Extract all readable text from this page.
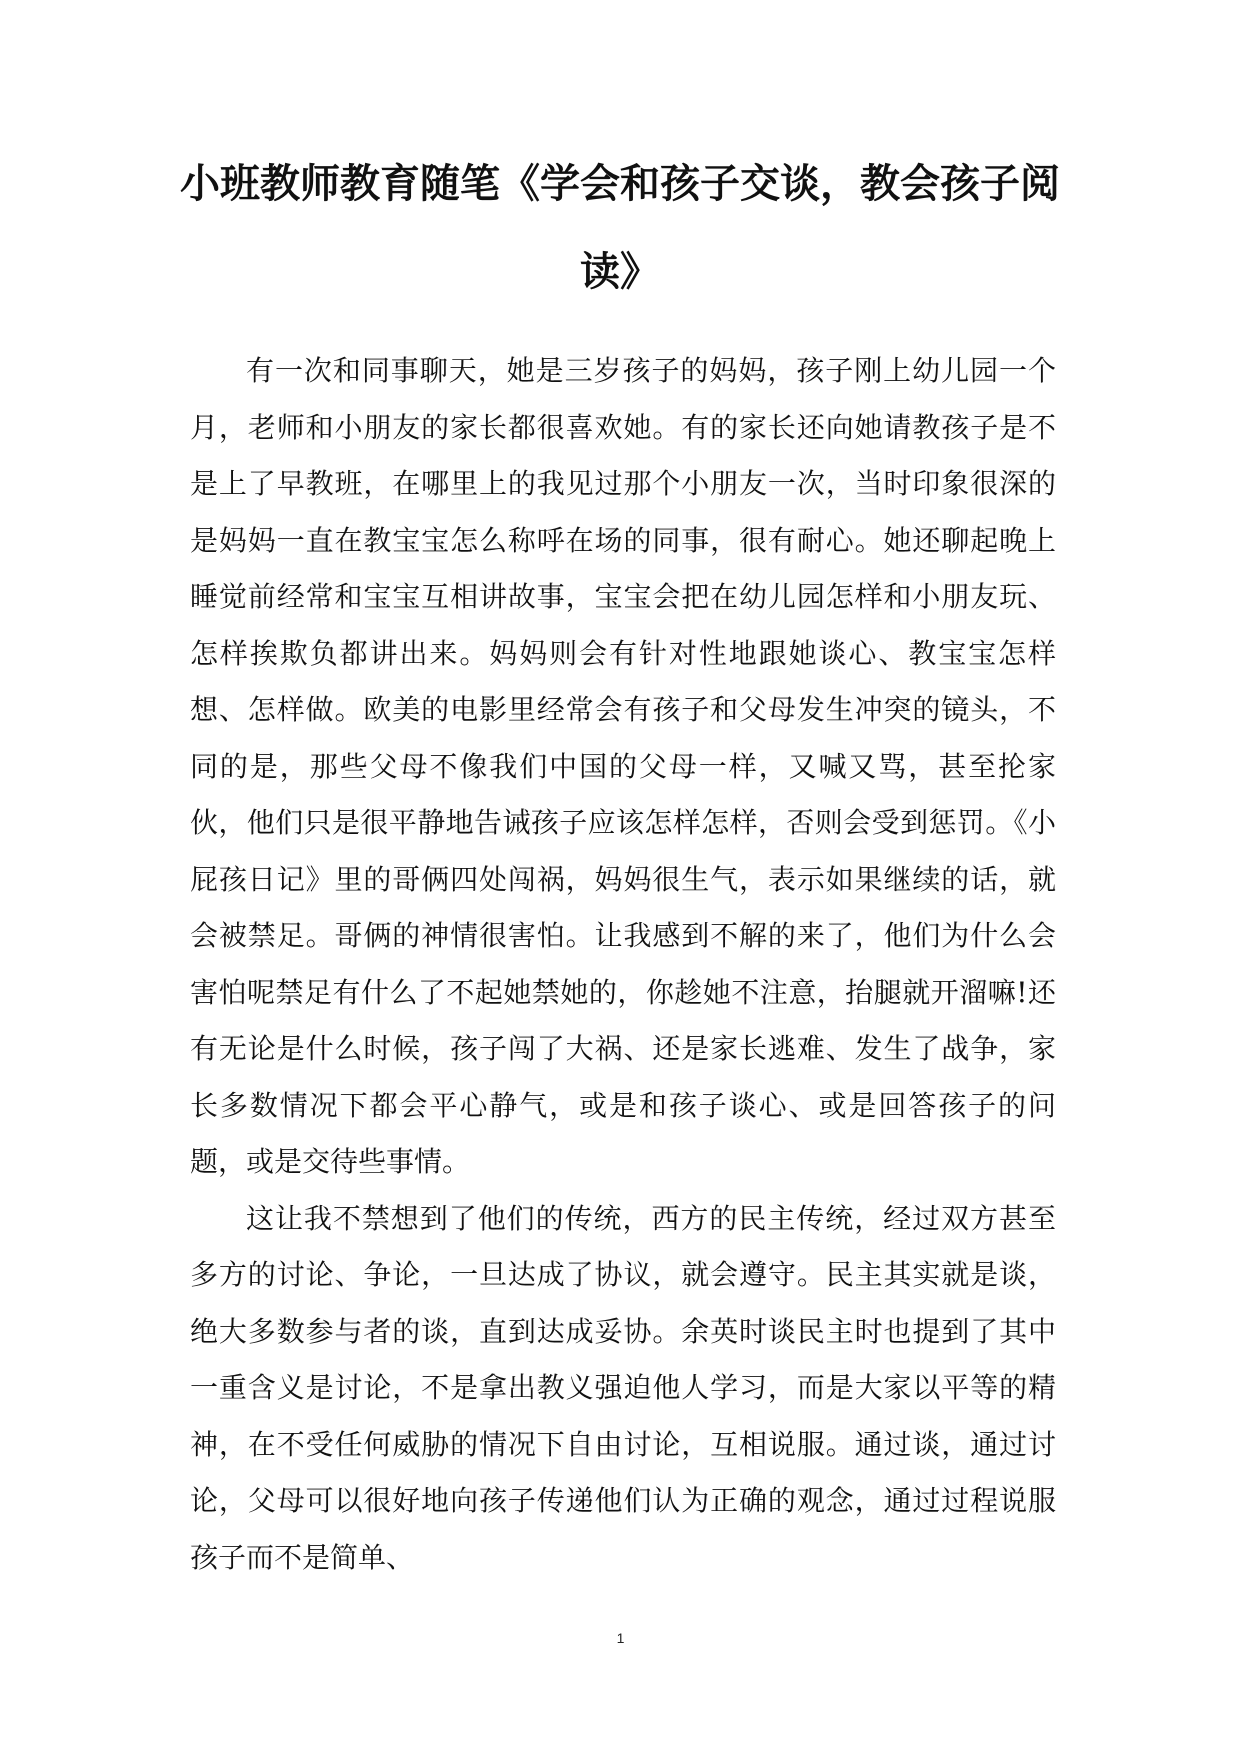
小班教师教育随笔《学会和孩子交谈，教会孩子阅读》

有一次和同事聊天，她是三岁孩子的妈妈，孩子刚上幼儿园一个月，老师和小朋友的家长都很喜欢她。有的家长还向她请教孩子是不是上了早教班，在哪里上的我见过那个小朋友一次，当时印象很深的是妈妈一直在教宝宝怎么称呼在场的同事，很有耐心。她还聊起晚上睡觉前经常和宝宝互相讲故事，宝宝会把在幼儿园怎样和小朋友玩、怎样挨欺负都讲出来。妈妈则会有针对性地跟她谈心、教宝宝怎样想、怎样做。欧美的电影里经常会有孩子和父母发生冲突的镜头，不同的是，那些父母不像我们中国的父母一样，又喊又骂，甚至抡家伙，他们只是很平静地告诫孩子应该怎样怎样，否则会受到惩罚。《小屁孩日记》里的哥俩四处闯祸，妈妈很生气，表示如果继续的话，就会被禁足。哥俩的神情很害怕。让我感到不解的来了，他们为什么会害怕呢禁足有什么了不起她禁她的，你趁她不注意，抬腿就开溜嘛!还有无论是什么时候，孩子闯了大祸、还是家长逃难、发生了战争，家长多数情况下都会平心静气，或是和孩子谈心、或是回答孩子的问题，或是交待些事情。

这让我不禁想到了他们的传统，西方的民主传统，经过双方甚至多方的讨论、争论，一旦达成了协议，就会遵守。民主其实就是谈，绝大多数参与者的谈，直到达成妥协。余英时谈民主时也提到了其中一重含义是讨论，不是拿出教义强迫他人学习，而是大家以平等的精神，在不受任何威胁的情况下自由讨论，互相说服。通过谈，通过讨论，父母可以很好地向孩子传递他们认为正确的观念，通过过程说服孩子而不是简单、

1
